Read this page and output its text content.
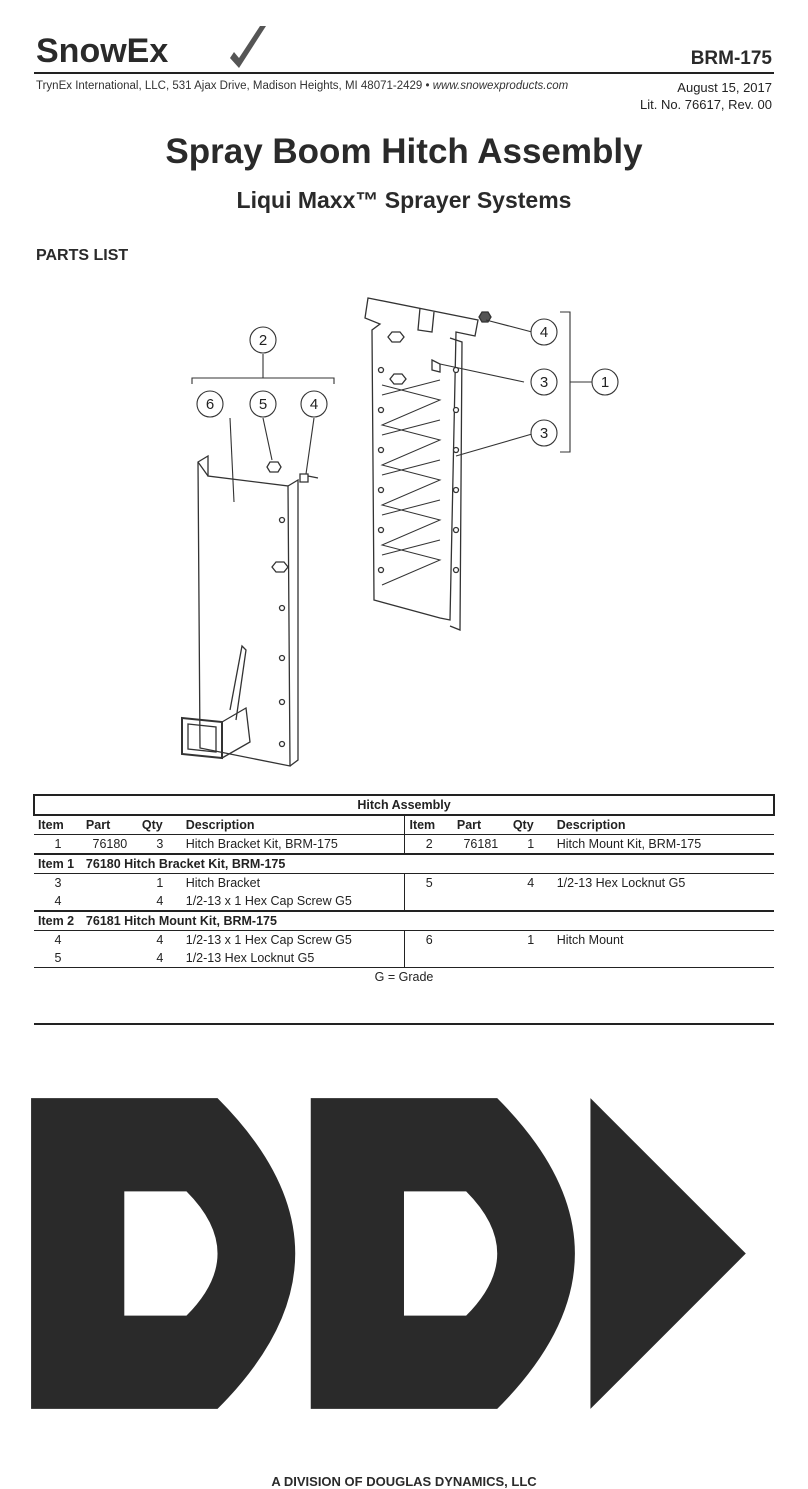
SnowEx	BRM-175
TrynEx International, LLC, 531 Ajax Drive, Madison Heights, MI 48071-2429 • www.snowexproducts.com	August 15, 2017
Lit. No. 76617, Rev. 00
Spray Boom Hitch Assembly
Liqui Maxx™ Sprayer Systems
PARTS LIST
2	4
1
3
3
6	5	4
Hitch Assembly							
Item	Part	Qty	Description	Item	Part	Qty	Description
1	76180	3	Hitch Bracket Kit, BRM-175	2	76181	1	Hitch Mount Kit, BRM-175
Item 1	76180 Hitch Bracket Kit, BRM-175						
3		1	Hitch Bracket	5		4	1/2-13 Hex Locknut G5
4		4	1/2-13 x 1 Hex Cap Screw G5				
Item 2	76181 Hitch Mount Kit, BRM-175						
4		4	1/2-13 x 1 Hex Cap Screw G5	6		1	Hitch Mount
5		4	1/2-13 Hex Locknut G5				
G = Grade							
A DIVISION OF DOUGLAS DYNAMICS, LLC
